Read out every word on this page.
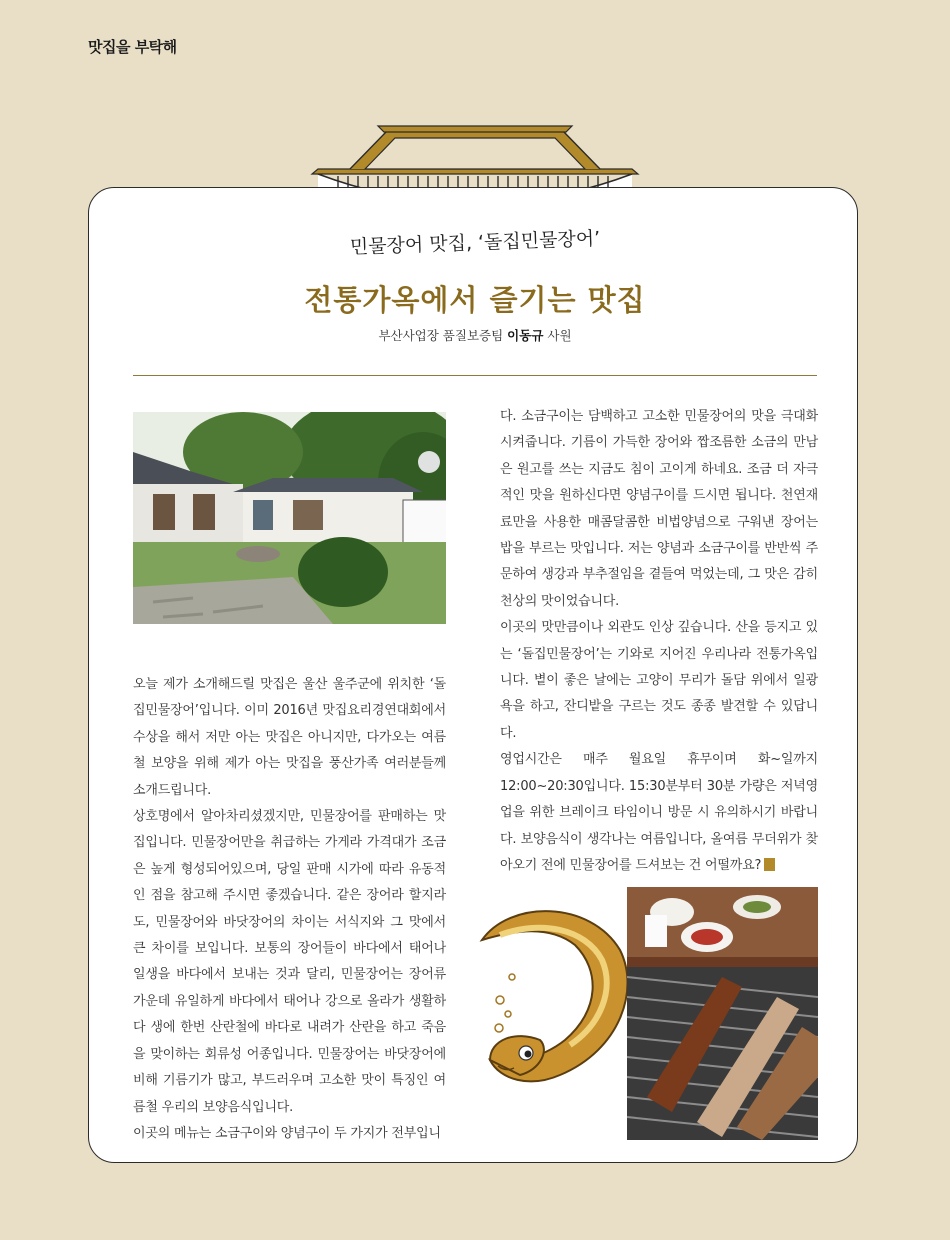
맛집을 부탁해
민물장어 맛집, ‘돌집민물장어’
전통가옥에서 즐기는 맛집
부산사업장 품질보증팀 이동규 사원

오늘 제가 소개해드릴 맛집은 울산 울주군에 위치한 ‘돌집민물장어’입니다. 이미 2016년 맛집요리경연대회에서 수상을 해서 저만 아는 맛집은 아니지만, 다가오는 여름철 보양을 위해 제가 아는 맛집을 풍산가족 여러분들께 소개드립니다.

상호명에서 알아차리셨겠지만, 민물장어를 판매하는 맛집입니다. 민물장어만을 취급하는 가게라 가격대가 조금은 높게 형성되어있으며, 당일 판매 시가에 따라 유동적인 점을 참고해 주시면 좋겠습니다. 같은 장어라 할지라도, 민물장어와 바닷장어의 차이는 서식지와 그 맛에서 큰 차이를 보입니다. 보통의 장어들이 바다에서 태어나 일생을 바다에서 보내는 것과 달리, 민물장어는 장어류 가운데 유일하게 바다에서 태어나 강으로 올라가 생활하다 생에 한번 산란철에 바다로 내려가 산란을 하고 죽음을 맞이하는 회류성 어종입니다. 민물장어는 바닷장어에 비해 기름기가 많고, 부드러우며 고소한 맛이 특징인 여름철 우리의 보양음식입니다.

이곳의 메뉴는 소금구이와 양념구이 두 가지가 전부입니

다. 소금구이는 담백하고 고소한 민물장어의 맛을 극대화시켜줍니다. 기름이 가득한 장어와 짭조름한 소금의 만남은 원고를 쓰는 지금도 침이 고이게 하네요. 조금 더 자극적인 맛을 원하신다면 양념구이를 드시면 됩니다. 천연재료만을 사용한 매콤달콤한 비법양념으로 구워낸 장어는 밥을 부르는 맛입니다. 저는 양념과 소금구이를 반반씩 주문하여 생강과 부추절임을 곁들여 먹었는데, 그 맛은 감히 천상의 맛이었습니다.

이곳의 맛만큼이나 외관도 인상 깊습니다. 산을 등지고 있는 ‘돌집민물장어’는 기와로 지어진 우리나라 전통가옥입니다. 볕이 좋은 날에는 고양이 무리가 돌담 위에서 일광욕을 하고, 잔디밭을 구르는 것도 종종 발견할 수 있답니다.

영업시간은 매주 월요일 휴무이며 화~일까지 12:00~20:30입니다. 15:30분부터 30분 가량은 저녁영업을 위한 브레이크 타임이니 방문 시 유의하시기 바랍니다. 보양음식이 생각나는 여름입니다, 올여름 무더위가 찾아오기 전에 민물장어를 드셔보는 건 어떨까요?
